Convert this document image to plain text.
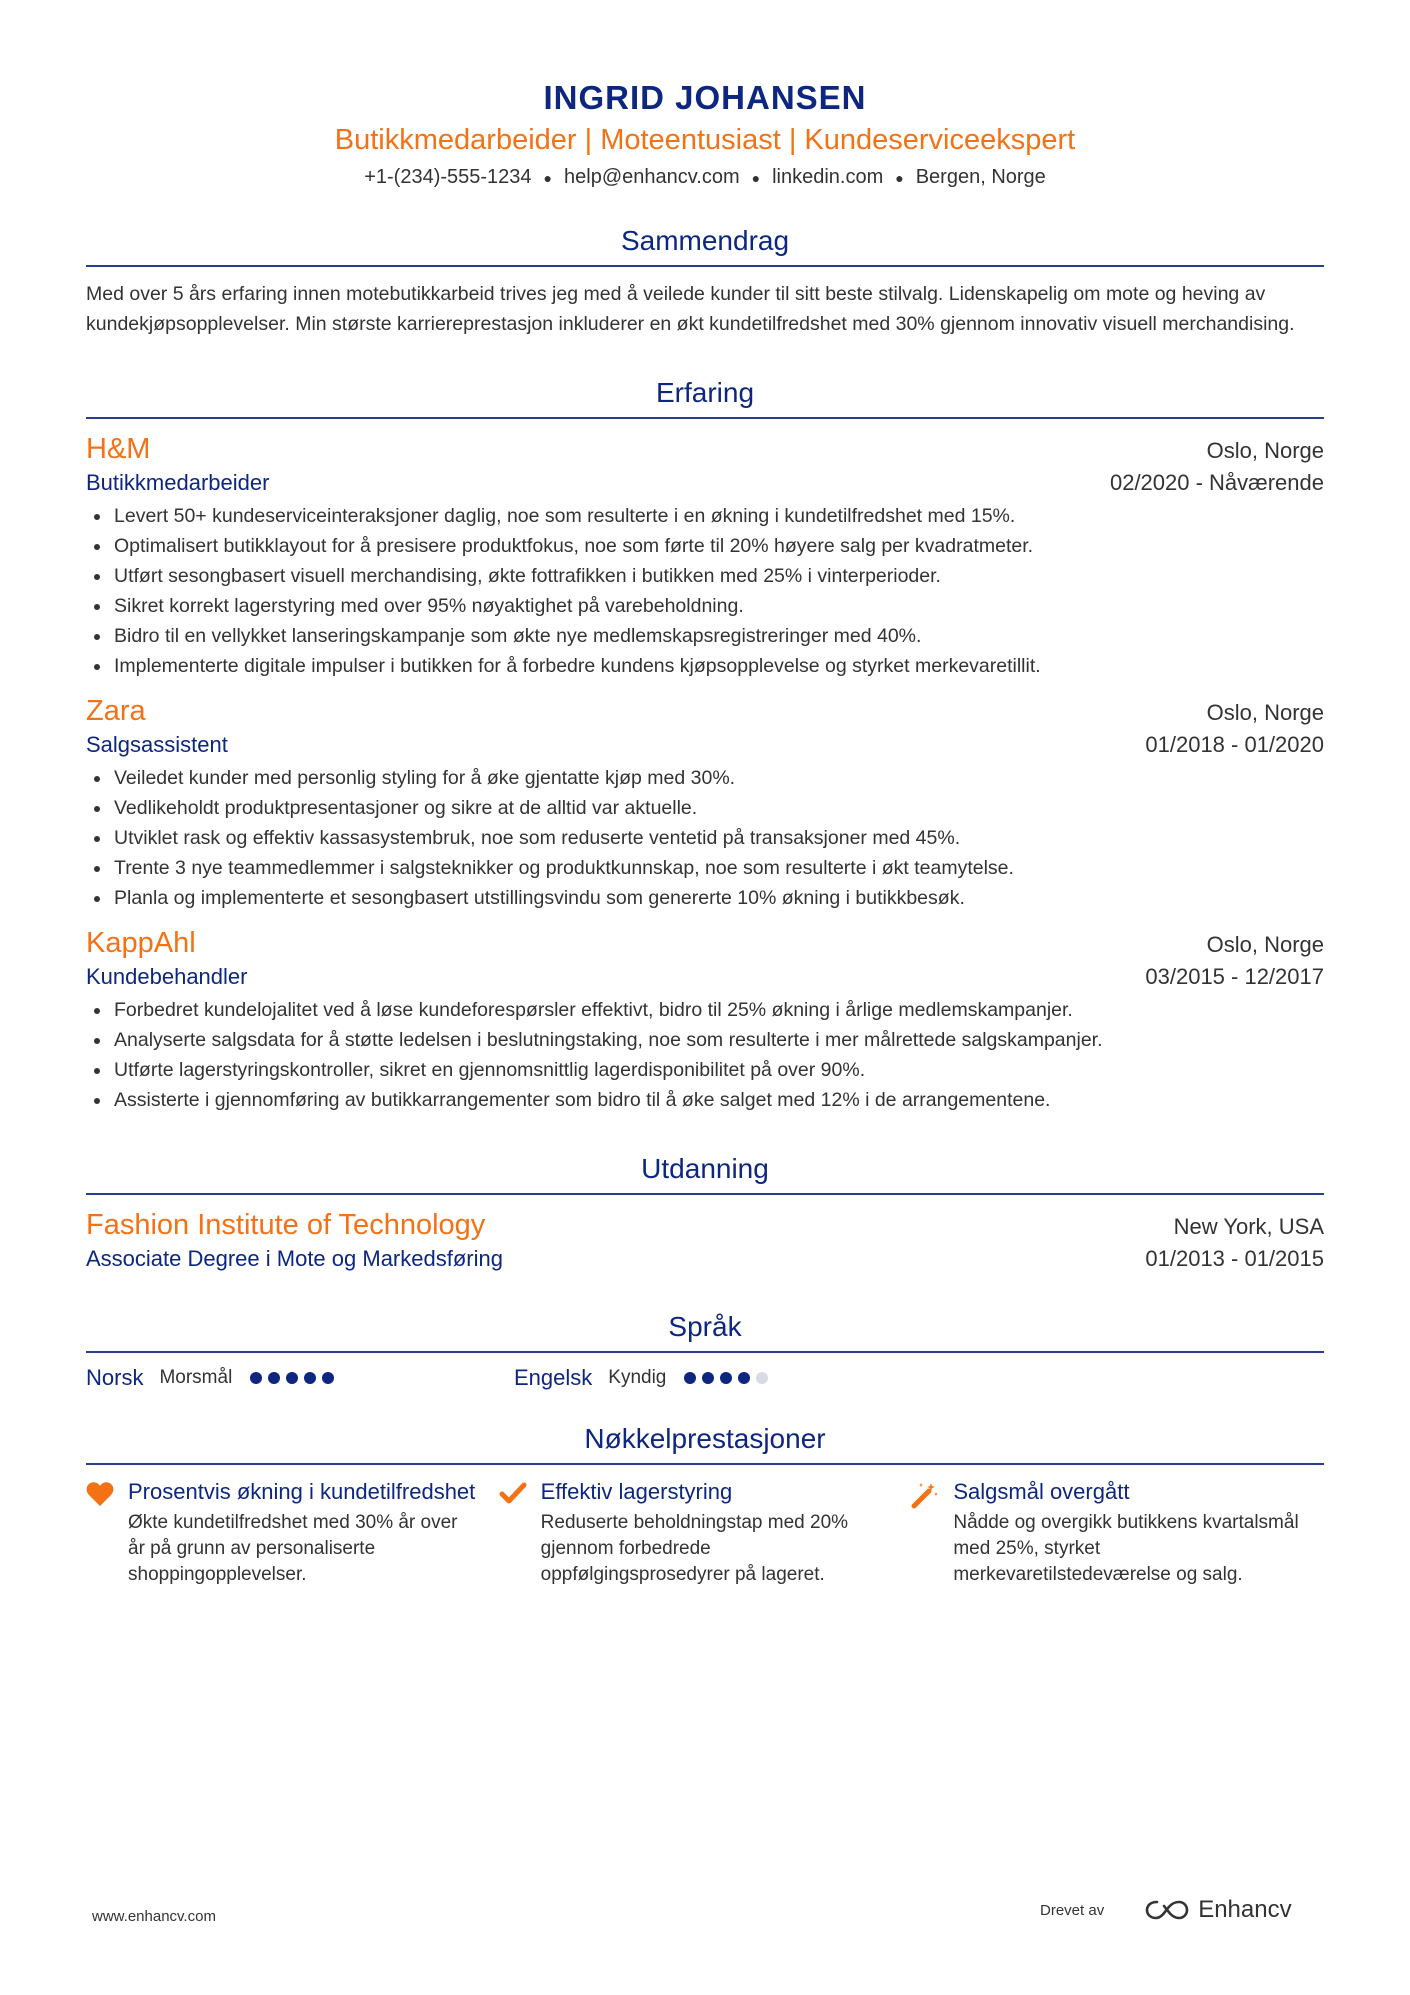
INGRID JOHANSEN
Butikkmedarbeider | Moteentusiast | Kundeserviceekspert
+1-(234)-555-1234 ● help@enhancv.com ● linkedin.com ● Bergen, Norge
Sammendrag
Med over 5 års erfaring innen motebutikkarbeid trives jeg med å veilede kunder til sitt beste stilvalg. Lidenskapelig om mote og heving av kundekjøpsopplevelser. Min største karriereprestasjon inkluderer en økt kundetilfredshet med 30% gjennom innovativ visuell merchandising.
Erfaring
H&M	Oslo, Norge
Butikkmedarbeider	02/2020 - Nåværende
Levert 50+ kundeserviceinteraksjoner daglig, noe som resulterte i en økning i kundetilfredshet med 15%.
Optimalisert butikklayout for å presisere produktfokus, noe som førte til 20% høyere salg per kvadratmeter.
Utført sesongbasert visuell merchandising, økte fottrafikken i butikken med 25% i vinterperioder.
Sikret korrekt lagerstyring med over 95% nøyaktighet på varebeholdning.
Bidro til en vellykket lanseringskampanje som økte nye medlemskapsregistreringer med 40%.
Implementerte digitale impulser i butikken for å forbedre kundens kjøpsopplevelse og styrket merkevaretillit.
Zara	Oslo, Norge
Salgsassistent	01/2018 - 01/2020
Veiledet kunder med personlig styling for å øke gjentatte kjøp med 30%.
Vedlikeholdt produktpresentasjoner og sikre at de alltid var aktuelle.
Utviklet rask og effektiv kassasystembruk, noe som reduserte ventetid på transaksjoner med 45%.
Trente 3 nye teammedlemmer i salgsteknikker og produktkunnskap, noe som resulterte i økt teamytelse.
Planla og implementerte et sesongbasert utstillingsvindu som genererte 10% økning i butikkbesøk.
KappAhl	Oslo, Norge
Kundebehandler	03/2015 - 12/2017
Forbedret kundelojalitet ved å løse kundeforespørsler effektivt, bidro til 25% økning i årlige medlemskampanjer.
Analyserte salgsdata for å støtte ledelsen i beslutningstaking, noe som resulterte i mer målrettede salgskampanjer.
Utførte lagerstyringskontroller, sikret en gjennomsnittlig lagerdisponibilitet på over 90%.
Assisterte i gjennomføring av butikkarrangementer som bidro til å øke salget med 12% i de arrangementene.
Utdanning
Fashion Institute of Technology	New York, USA
Associate Degree i Mote og Markedsføring	01/2013 - 01/2015
Språk
Norsk Morsmål	Engelsk Kyndig
Nøkkelprestasjoner
Prosentvis økning i kundetilfredshet
Økte kundetilfredshet med 30% år over år på grunn av personaliserte shoppingopplevelser.
Effektiv lagerstyring
Reduserte beholdningstap med 20% gjennom forbedrede oppfølgingsprosedyrer på lageret.
Salgsmål overgått
Nådde og overgikk butikkens kvartalsmål med 25%, styrket merkevaretilstedeværelse og salg.
www.enhancv.com	Drevet av	Enhancv
